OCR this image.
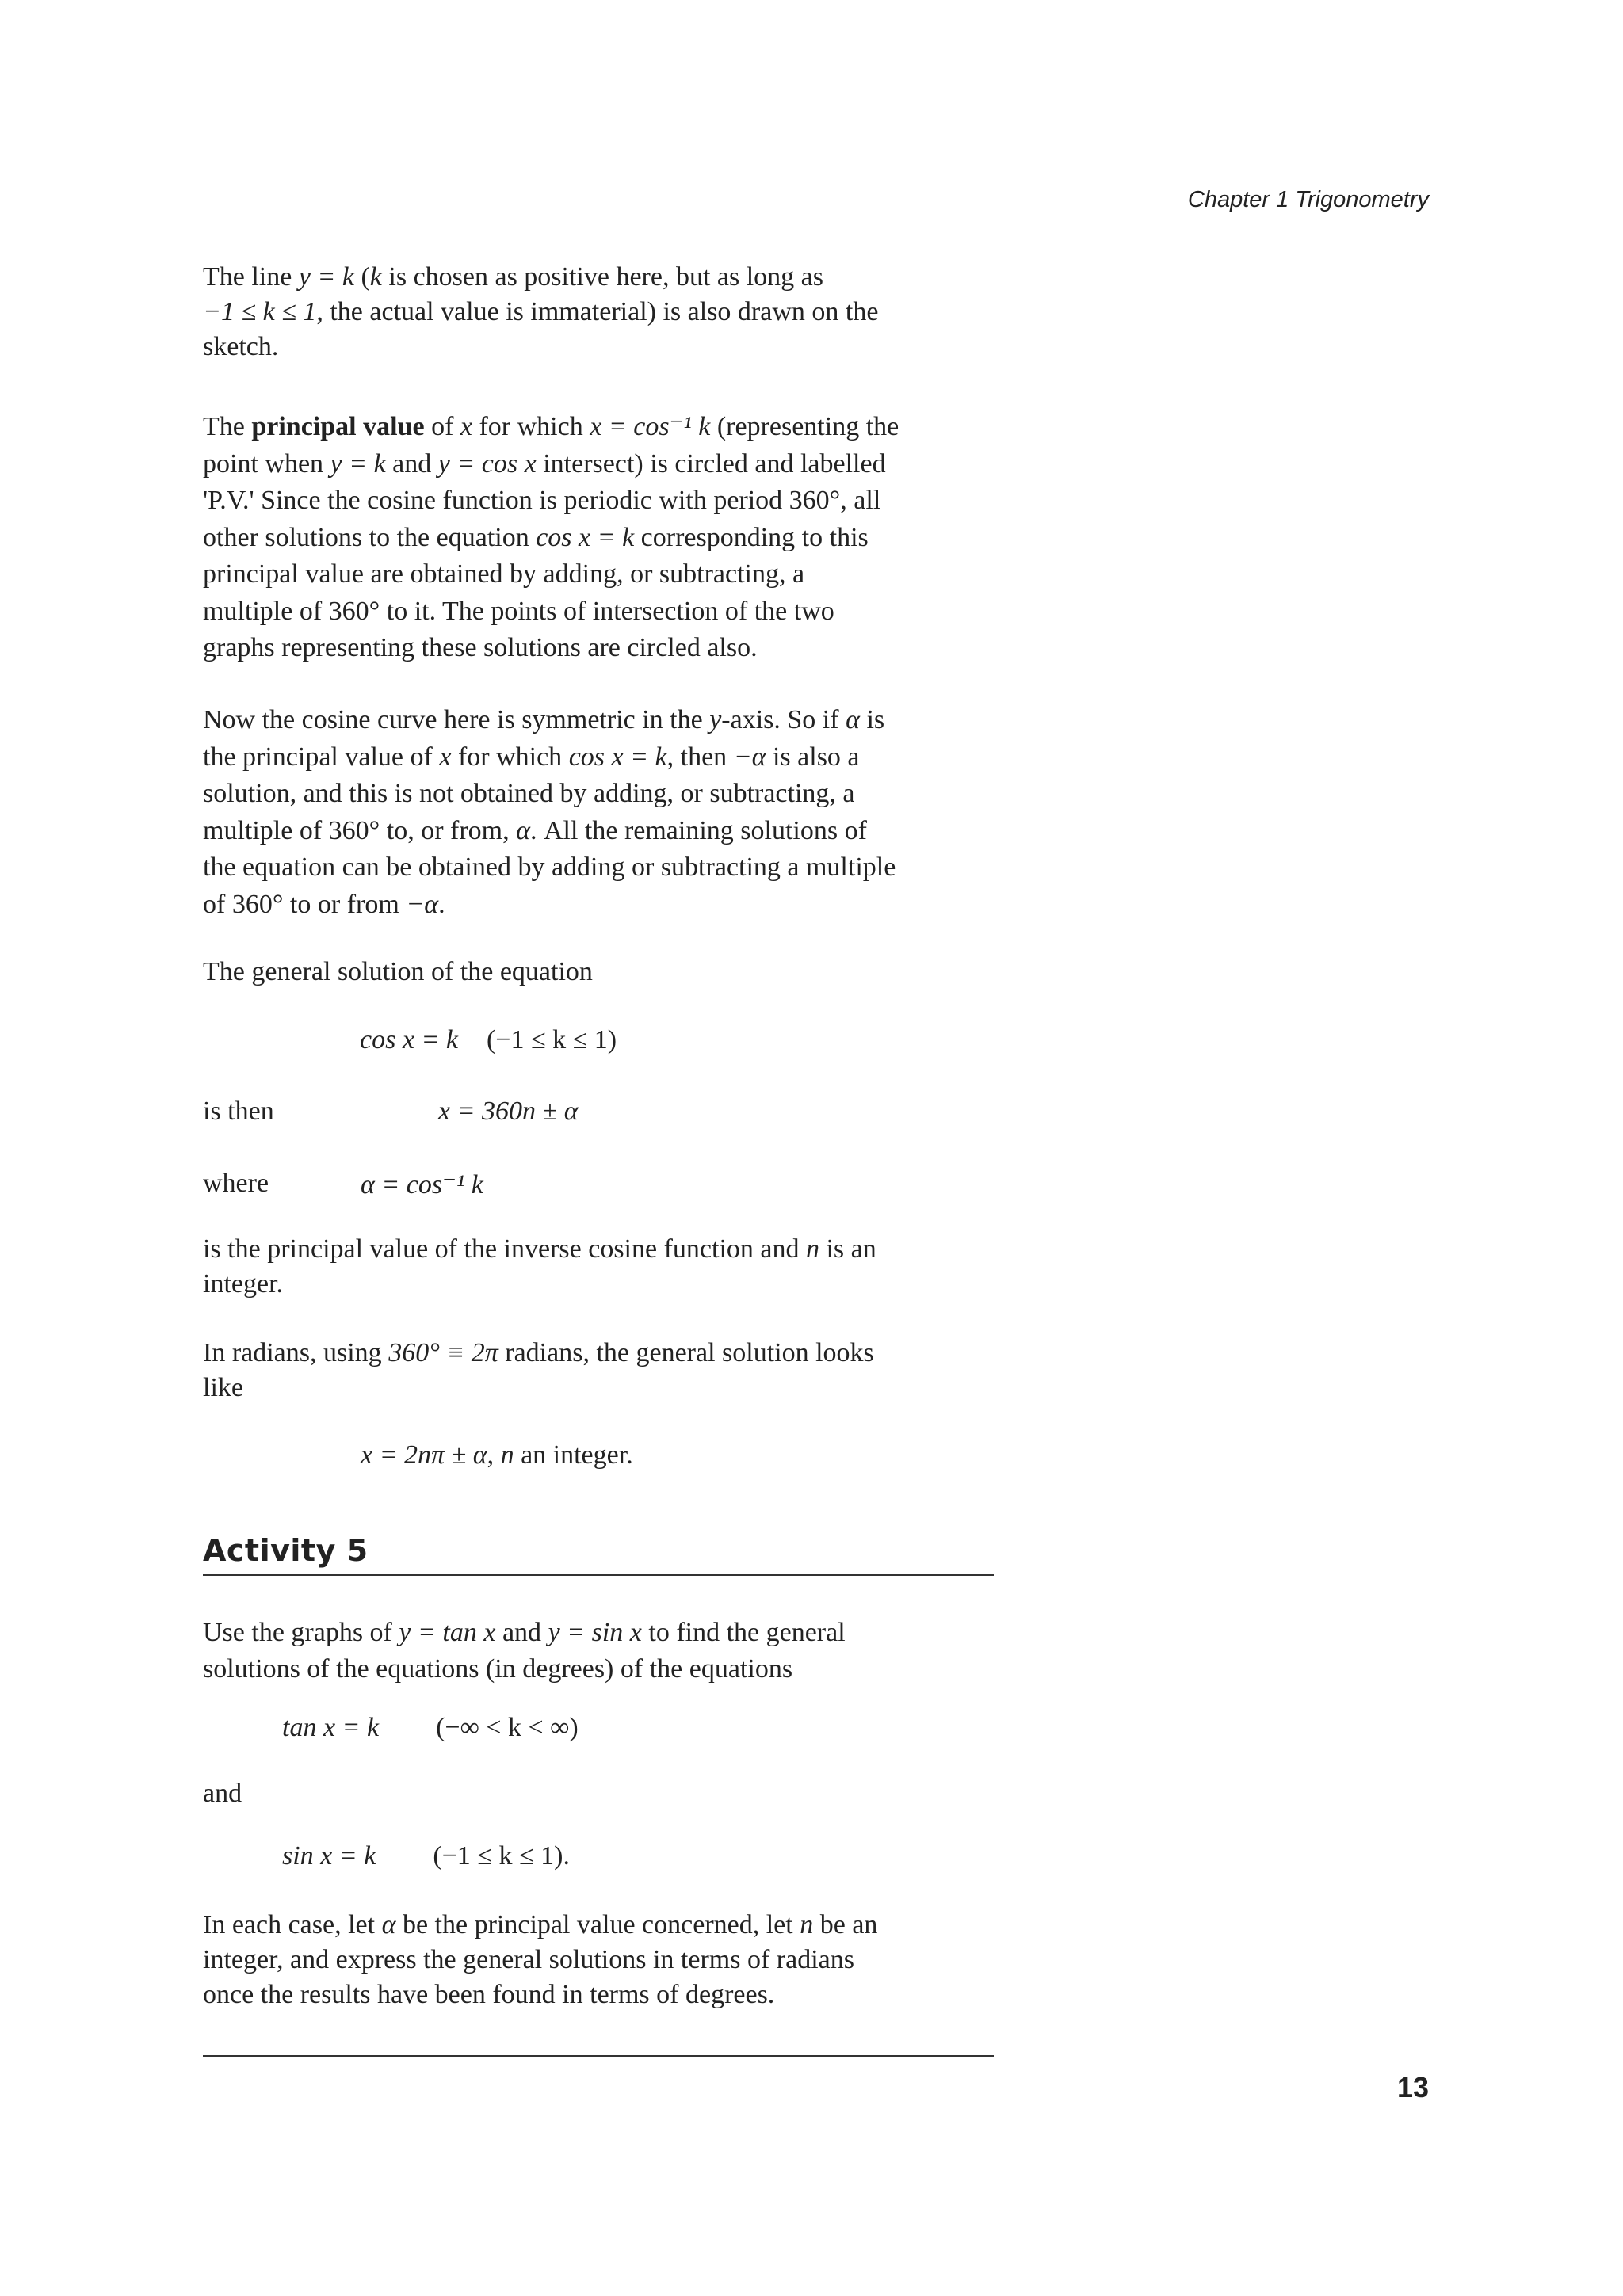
Chapter 1 Trigonometry

The line y = k (k is chosen as positive here, but as long as

−1 ≤ k ≤ 1, the actual value is immaterial) is also drawn on the

sketch.

The principal value of x for which x = cos⁻¹ k (representing the

point when y = k and y = cos x intersect) is circled and labelled

'P.V.' Since the cosine function is periodic with period 360°, all

other solutions to the equation cos x = k corresponding to this

principal value are obtained by adding, or subtracting, a

multiple of 360° to it. The points of intersection of the two

graphs representing these solutions are circled also.

Now the cosine curve here is symmetric in the y-axis. So if α is

the principal value of x for which cos x = k, then −α is also a

solution, and this is not obtained by adding, or subtracting, a

multiple of 360° to, or from, α. All the remaining solutions of

the equation can be obtained by adding or subtracting a multiple

of 360° to or from −α.

The general solution of the equation

cos x = k (−1 ≤ k ≤ 1)
is then	x = 360n ± α
where	α = cos⁻¹ k

is the principal value of the inverse cosine function and n is an

integer.

In radians, using 360° ≡ 2π radians, the general solution looks

like

x = 2nπ ± α, n an integer.
Activity 5

Use the graphs of y = tan x and y = sin x to find the general

solutions of the equations (in degrees) of the equations

tan x = k (−∞ < k < ∞)
and
sin x = k (−1 ≤ k ≤ 1).

In each case, let α be the principal value concerned, let n be an

integer, and express the general solutions in terms of radians

once the results have been found in terms of degrees.

13
